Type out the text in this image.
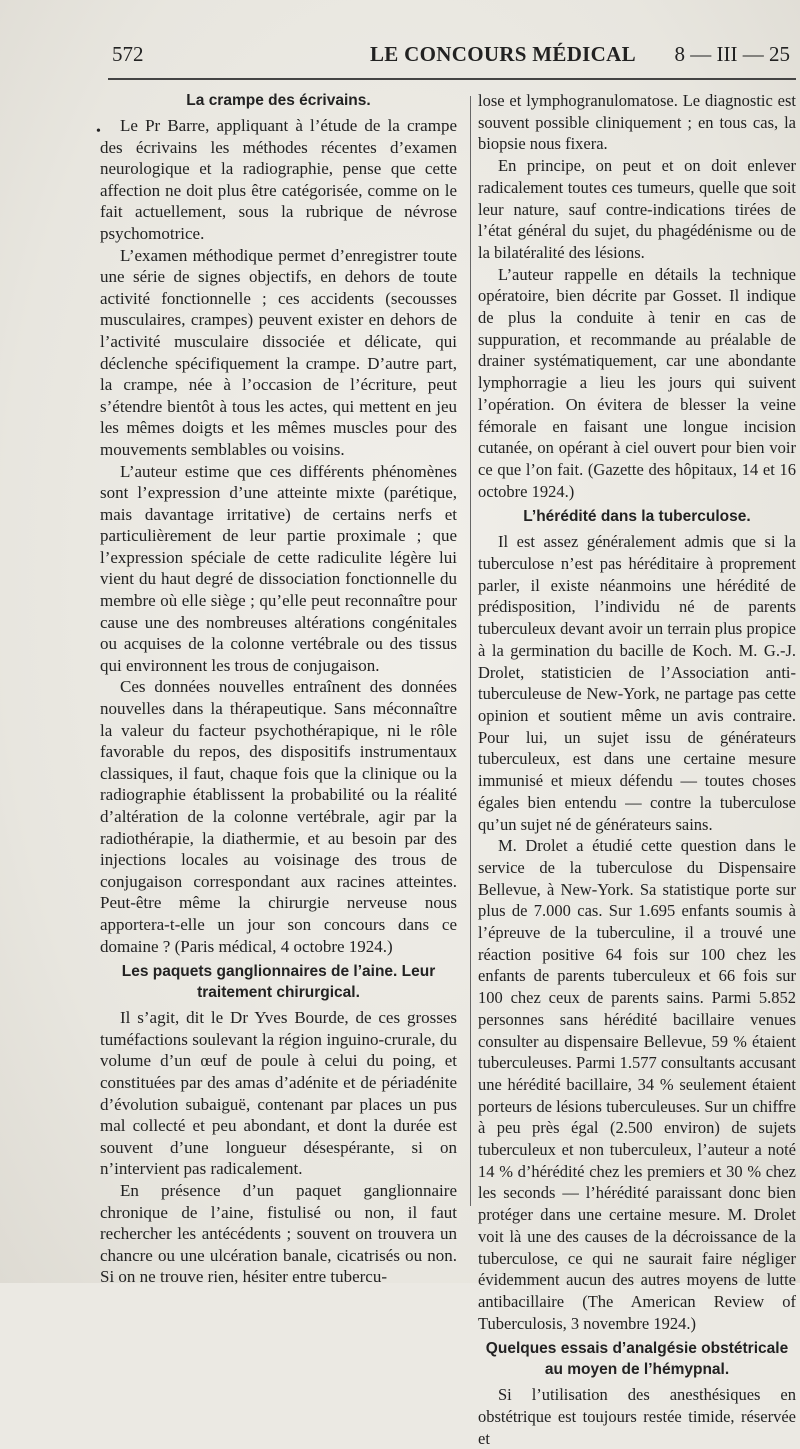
572	LE CONCOURS MÉDICAL 8 — III — 25
•
La crampe des écrivains.

Le Pr Barre, appliquant à l’étude de la crampe des écrivains les méthodes récentes d’examen neurologique et la radiographie, pense que cette affection ne doit plus être catégorisée, comme on le fait actuellement, sous la rubrique de névrose psychomotrice.

L’examen méthodique permet d’enregistrer toute une série de signes objectifs, en dehors de toute activité fonctionnelle ; ces accidents (secousses musculaires, crampes) peuvent exister en dehors de l’activité musculaire dissociée et délicate, qui déclenche spécifiquement la crampe. D’autre part, la crampe, née à l’occasion de l’écriture, peut s’étendre bientôt à tous les actes, qui mettent en jeu les mêmes doigts et les mêmes muscles pour des mouvements semblables ou voisins.

L’auteur estime que ces différents phénomènes sont l’expression d’une atteinte mixte (parétique, mais davantage irritative) de certains nerfs et particulièrement de leur partie proximale ; que l’expression spéciale de cette radiculite légère lui vient du haut degré de dissociation fonctionnelle du membre où elle siège ; qu’elle peut reconnaître pour cause une des nombreuses altérations congénitales ou acquises de la colonne vertébrale ou des tissus qui environnent les trous de conjugaison.

Ces données nouvelles entraînent des données nouvelles dans la thérapeutique. Sans méconnaître la valeur du facteur psychothérapique, ni le rôle favorable du repos, des dispositifs instrumentaux classiques, il faut, chaque fois que la clinique ou la radiographie établissent la probabilité ou la réalité d’altération de la colonne vertébrale, agir par la radiothérapie, la diathermie, et au besoin par des injections locales au voisinage des trous de conjugaison correspondant aux racines atteintes. Peut-être même la chirurgie nerveuse nous apportera-t-elle un jour son concours dans ce domaine ? (Paris médical, 4 octobre 1924.)

Les paquets ganglionnaires de l’aine. Leur traitement chirurgical.

Il s’agit, dit le Dr Yves Bourde, de ces grosses tuméfactions soulevant la région inguino-crurale, du volume d’un œuf de poule à celui du poing, et constituées par des amas d’adénite et de périadénite d’évolution subaiguë, contenant par places un pus mal collecté et peu abondant, et dont la durée est souvent d’une longueur désespérante, si on n’intervient pas radicalement.

En présence d’un paquet ganglionnaire chronique de l’aine, fistulisé ou non, il faut rechercher les antécédents ; souvent on trouvera un chancre ou une ulcération banale, cicatrisés ou non. Si on ne trouve rien, hésiter entre tubercu-

lose et lymphogranulomatose. Le diagnostic est souvent possible cliniquement ; en tous cas, la biopsie nous fixera.

En principe, on peut et on doit enlever radicalement toutes ces tumeurs, quelle que soit leur nature, sauf contre-indications tirées de l’état général du sujet, du phagédénisme ou de la bilatéralité des lésions.

L’auteur rappelle en détails la technique opératoire, bien décrite par Gosset. Il indique de plus la conduite à tenir en cas de suppuration, et recommande au préalable de drainer systématiquement, car une abondante lymphorragie a lieu les jours qui suivent l’opération. On évitera de blesser la veine fémorale en faisant une longue incision cutanée, on opérant à ciel ouvert pour bien voir ce que l’on fait. (Gazette des hôpitaux, 14 et 16 octobre 1924.)

L’hérédité dans la tuberculose.

Il est assez généralement admis que si la tuberculose n’est pas héréditaire à proprement parler, il existe néanmoins une hérédité de prédisposition, l’individu né de parents tuberculeux devant avoir un terrain plus propice à la germination du bacille de Koch. M. G.-J. Drolet, statisticien de l’Association anti-tuberculeuse de New-York, ne partage pas cette opinion et soutient même un avis contraire. Pour lui, un sujet issu de générateurs tuberculeux, est dans une certaine mesure immunisé et mieux défendu — toutes choses égales bien entendu — contre la tuberculose qu’un sujet né de générateurs sains.

M. Drolet a étudié cette question dans le service de la tuberculose du Dispensaire Bellevue, à New-York. Sa statistique porte sur plus de 7.000 cas. Sur 1.695 enfants soumis à l’épreuve de la tuberculine, il a trouvé une réaction positive 64 fois sur 100 chez les enfants de parents tuberculeux et 66 fois sur 100 chez ceux de parents sains. Parmi 5.852 personnes sans hérédité bacillaire venues consulter au dispensaire Bellevue, 59 % étaient tuberculeuses. Parmi 1.577 consultants accusant une hérédité bacillaire, 34 % seulement étaient porteurs de lésions tuberculeuses. Sur un chiffre à peu près égal (2.500 environ) de sujets tuberculeux et non tuberculeux, l’auteur a noté 14 % d’hérédité chez les premiers et 30 % chez les seconds — l’hérédité paraissant donc bien protéger dans une certaine mesure. M. Drolet voit là une des causes de la décroissance de la tuberculose, ce qui ne saurait faire négliger évidemment aucun des autres moyens de lutte antibacillaire (The American Review of Tuberculosis, 3 novembre 1924.)

Quelques essais d’analgésie obstétricale au moyen de l’hémypnal.

Si l’utilisation des anesthésiques en obstétrique est toujours restée timide, réservée et
